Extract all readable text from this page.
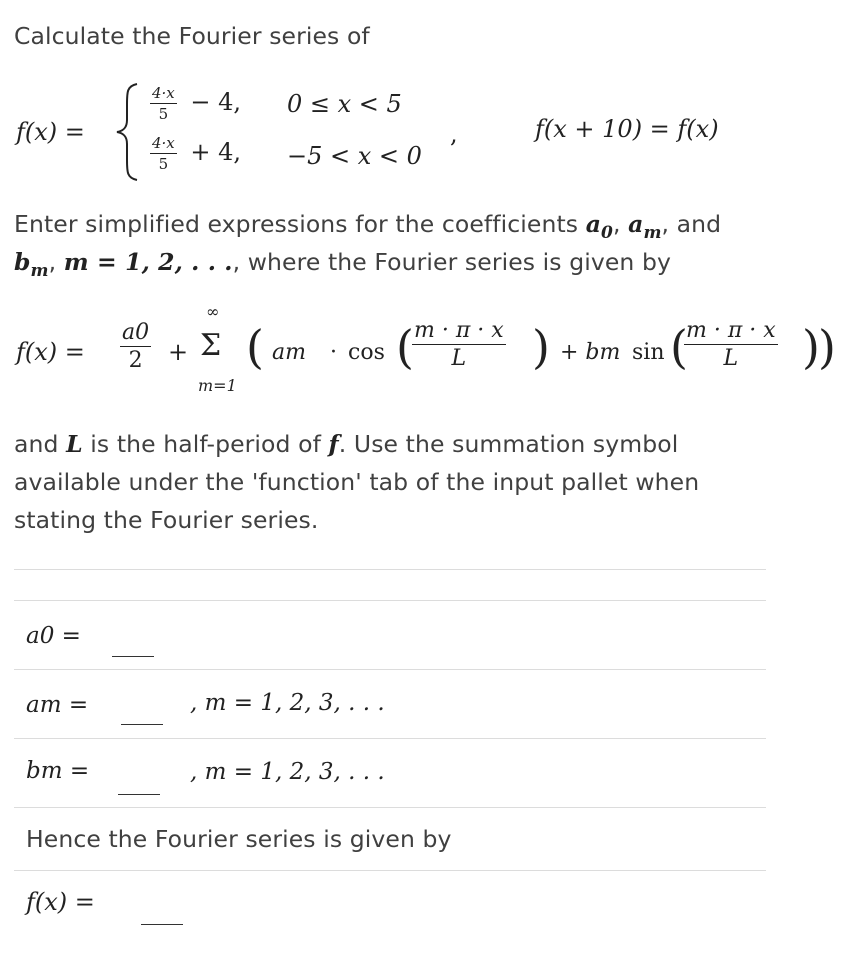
Calculate the Fourier series of
f(x) =
$\frac{4\cdot x}{5} - 4$, 0 ≤ x < 5
$\frac{4\cdot x}{5} + 4$, −5 < x < 0
,	f(x + 10) = f(x)
Enter simplified expressions for the coefficients $a_0$, $a_m$, and
$b_m$, m = 1, 2, . . ., where the Fourier series is given by
f(x) =
a0
2	+
∞
Σ
m=1
( am · cos ( m · π · x
L	) + bm sin (
m · π · x
L	)
)
and L is the half-period of f. Use the summation symbol
available under the 'function' tab of the input pallet when
stating the Fourier series.
a0 =
am =	, m = 1, 2, 3, . . .
bm =	, m = 1, 2, 3, . . .
Hence the Fourier series is given by
f(x) =
